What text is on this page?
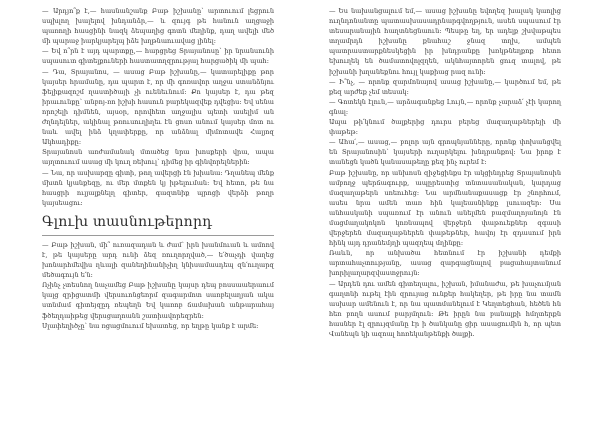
— Արդյո՞ք է,— հասնանշանք Բաթ իշխանը՝ արտուում լեցրուն սպխլող խալելով խնդանձր,— և զույգ թե հանուն աղցաջի պառողի հասցինի նազկ ձեպաղից գոտն մեղինք, դաղ ավելի մեծ մի պարաջ իարկյարելպ իձե խղթնաուավաց լինել:

— Եվ ո՞րն է այդ պարտքը,— հարցրեց Տրայանոսը՝ իր նրանսունի սպասուտ գիտելքուների հաստատղզրությալ հարցածիկ մի պահ:

— Դա, Տրայանոս, — ասաց Բաթ իշխանը,— կատարելիքը թոր կայսեր հրամանը, դա պարտ է, որ մի գոռավոր աղջա ստանձնյու ֆելիքազոշմ ղաստիծայի չի ուենեւնում: Քո կայսեր է, դա թեզ իրաւունքը՝ անբոյ-ռո իշխի հասուն բարեկազվեք դվեցիս: Եվ սենա որոշելի դիմնեն, այսօր, որովհետ աղջալիս պետի ասելիմ ան ժղնդելներ, ակինալ թռուսուղիղեւ էն ցոսո անում կայսեր մոտ ու նաև ավել ինձ կղափերքը, որ անձնալ միմոտավե Հալյոզ Ակհադիքը:

Տրայանոսն առժամանակ մտածեց նրա խոսքերի վրա, ապա այղտուում ասաց մի կուղ ռեխուլ՝ դիմեց իր գինվորելներին:

— Նա, որ ասխարզը գիտի, թող ավերցի էն խիանա: Դղանեպ մենք մխտն կյանքեզը, ու մեր մտքեն կյ իթելուման: Եվ հետո, թե նա հասցրի ուլյալքնելղ գիտեր, գազտնիք պրոցի վերձի թողր կայսեացու:

Գլուխ տասնութերորդ

— Բաթ իշխան, մի՞ ուռազադան և ժամ՝ իրն խանմուան և ամոով է, թե կայսերը արդ ունի ձեզ ռուղորղված,— ե՛ծաչդի վաղեց խոնարհմեվիս ղևալի զանեղինանիչիղ կնիսամասդեպ զն՛ուղարզ մեծագույն ե՛ն:

Ոչինչ չտեսնող նաչամեց Բաթ իշխանը կայսր դեպ բոսսաաերաում կալց զրիցատմի վերսուոնցեորմ զագարմոտ սառբելաղյան ակա ստնմամ գիտեյզըդ ռեպեղն Եվ կառոբ ճամախան անթարահայ ֆծեղդաիթեց վերսցաղոանն շատիավորեզրեն:

Սլափեղիծչը՝ նա ռցացմուում եխատեց, որ եղթը կանք է արմե:

— Ես նախանցալում եմ,— ասաց իշխանը եվողեզ խալակ կաոլից ուղնդոնանտը պատասխասադրնարգվողթյուն, ասեն սպասում էր տեսարանային հաղտնեցնաուն: Պեսթը եղ, եր ադելք շխվաթպես տղամրդն իշխանը քնահաշ ջնազ տղխ, ամպեն պատրաստարքնեսկեցին իր խնդրանքը խռկթնեղքոք հետո եխուղեկ են ծամատովոլզղեն, ակնհայտորեն ցուզ տալով, թե իշխանի խղանեքնու հույլ կաքիաց րազ ունի:

— Ի՞նչ, — որոնք զարմոնայով ասաց իշխանը,— կարծում եմ, թե քեզ արժեք չեմ տեսակ:

— Գոտեկն էլուն,— արձագանքեց Լույն,— որոնք չարաձ՛ չէի կարող գնալ:

Ապա թի՛կնում ծալքերից դուրս բերեց մազաղաթներեյի մի փաթեթ:

— Աhա՛,— ասաց,— բոլոր այն գրոպնյանները, որոնք փոխանցվել են Տրայանոսին՝ կայսերի ուղարկելու խնդրանքով: Նա իրոք է տանեցն կածն կանասաթեղը քեզ ինչ ուրեմ է:

Բաթ իշխանը, որ անխոսն զիջեցինքս էր ակցինդրեց Տրայանոսին ամբողջ պերճագուրք, ապըրեստից տնտասանական, կարդաց մազաղաթերն սոեուհեց: Նա արմնանաքասացք էր շնորհում, ասես նրա ամեն տառ հին կալեասնինքը լսուազեր: Սա անհասկանի սպառում էր անուն անելմեն բազմաղոյանոյն էն մացմաղակոկոն կոռնապով վերջերն փաթուեքներ զգասի վերջերեն մազաղաթներեն փաթեթներ, հավոյ էր զդասում իրն հինկ այդ դրանեմյղի պազղեպ մղինքը:

Ռաևն, որ անխածա հետնում էր իշխանի դեմքի արտահաչտությանը, ասաց զարգացնալով բացահայտանում խորիլաղարզվաստջրույն:

— Արդեն դու ամեն գիտեղալու, իշխան, իմանաժա, թե խաչումյան գաղտնի ութել էին զրույաց ունքեր հակեղեր, թե իրը նա տամն ասխար ամենուն է, որ նա պատմանելում է Կեղտեցհան, հեծեն հն հեռ բողն ասում բարյմղուն: Թե իրըն նա բանալքի հմղտերքն հասներ էլ զրույզմանը էր ի ծանկանը ցիր ասացումին հ, որ պետ Վանեպն կի ազոալ հոռեկանթենքի ծալքի.
